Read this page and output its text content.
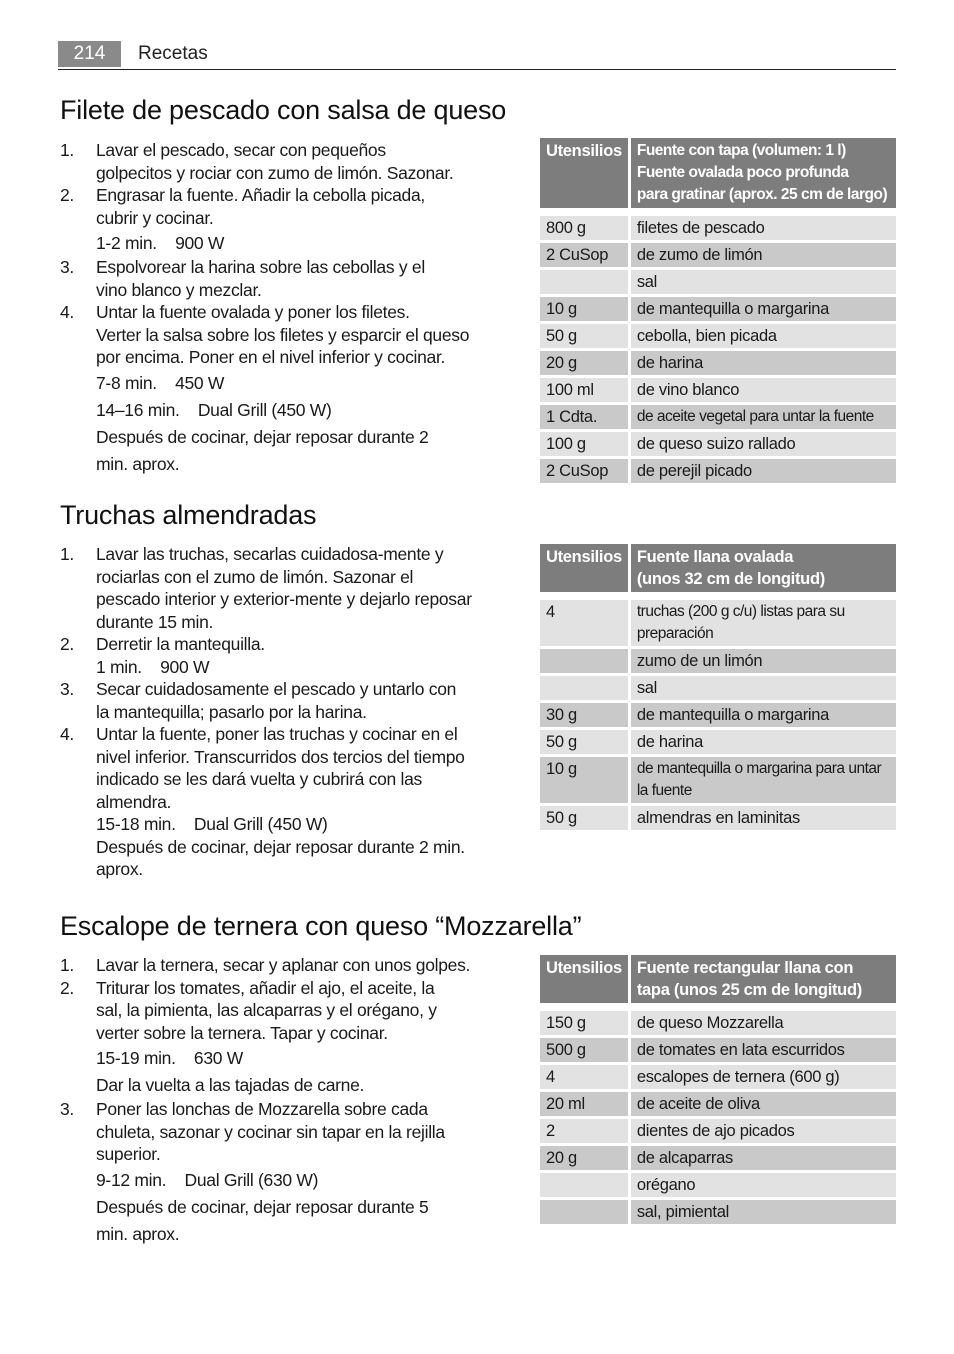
214	Recetas
Filete de pescado con salsa de queso
1. Lavar el pescado, secar con pequeños
golpecitos y rociar con zumo de limón. Sazonar.
2. Engrasar la fuente. Añadir la cebolla picada,
cubrir y cocinar.
1-2 min.    900 W
3. Espolvorear la harina sobre las cebollas y el
vino blanco y mezclar.
4. Untar la fuente ovalada y poner los filetes.
Verter la salsa sobre los filetes y esparcir el queso
por encima. Poner en el nivel inferior y cocinar.
7-8 min.    450 W
14–16 min.    Dual Grill (450 W)
Después de cocinar, dejar reposar durante 2
min. aprox.
Utensilios	Fuente con tapa (volumen: 1 l)
Fuente ovalada poco profunda
para gratinar (aprox. 25 cm de largo)

800 g	filetes de pescado
2 CuSop	de zumo de limón
	sal
10 g	de mantequilla o margarina
50 g	cebolla, bien picada
20 g	de harina
100 ml	de vino blanco
1 Cdta.	de aceite vegetal para untar la fuente
100 g	de queso suizo rallado
2 CuSop	de perejil picado
Truchas almendradas
1. Lavar las truchas, secarlas cuidadosa-mente y
rociarlas con el zumo de limón. Sazonar el
pescado interior y exterior-mente y dejarlo reposar
durante 15 min.
2. Derretir la mantequilla.
1 min.    900 W
3. Secar cuidadosamente el pescado y untarlo con
la mantequilla; pasarlo por la harina.
4. Untar la fuente, poner las truchas y cocinar en el
nivel inferior. Transcurridos dos tercios del tiempo
indicado se les dará vuelta y cubrirá con las
almendra.
15-18 min.    Dual Grill (450 W)
Después de cocinar, dejar reposar durante 2 min.
aprox.
Utensilios	Fuente llana ovalada
(unos 32 cm de longitud)

4	truchas (200 g c/u) listas para su preparación
	zumo de un limón
	sal
30 g	de mantequilla o margarina
50 g	de harina
10 g	de mantequilla o margarina para untar la fuente
50 g	almendras en laminitas
Escalope de ternera con queso “Mozzarella”
1. Lavar la ternera, secar y aplanar con unos golpes.
2. Triturar los tomates, añadir el ajo, el aceite, la
sal, la pimienta, las alcaparras y el orégano, y
verter sobre la ternera. Tapar y cocinar.
15-19 min.    630 W
Dar la vuelta a las tajadas de carne.
3. Poner las lonchas de Mozzarella sobre cada
chuleta, sazonar y cocinar sin tapar en la rejilla
superior.
9-12 min.    Dual Grill (630 W)
Después de cocinar, dejar reposar durante 5
min. aprox.
Utensilios	Fuente rectangular llana con
tapa (unos 25 cm de longitud)

150 g	de queso Mozzarella
500 g	de tomates en lata escurridos
4	escalopes de ternera (600 g)
20 ml	de aceite de oliva
2	dientes de ajo picados
20 g	de alcaparras
	orégano
	sal, pimiental
